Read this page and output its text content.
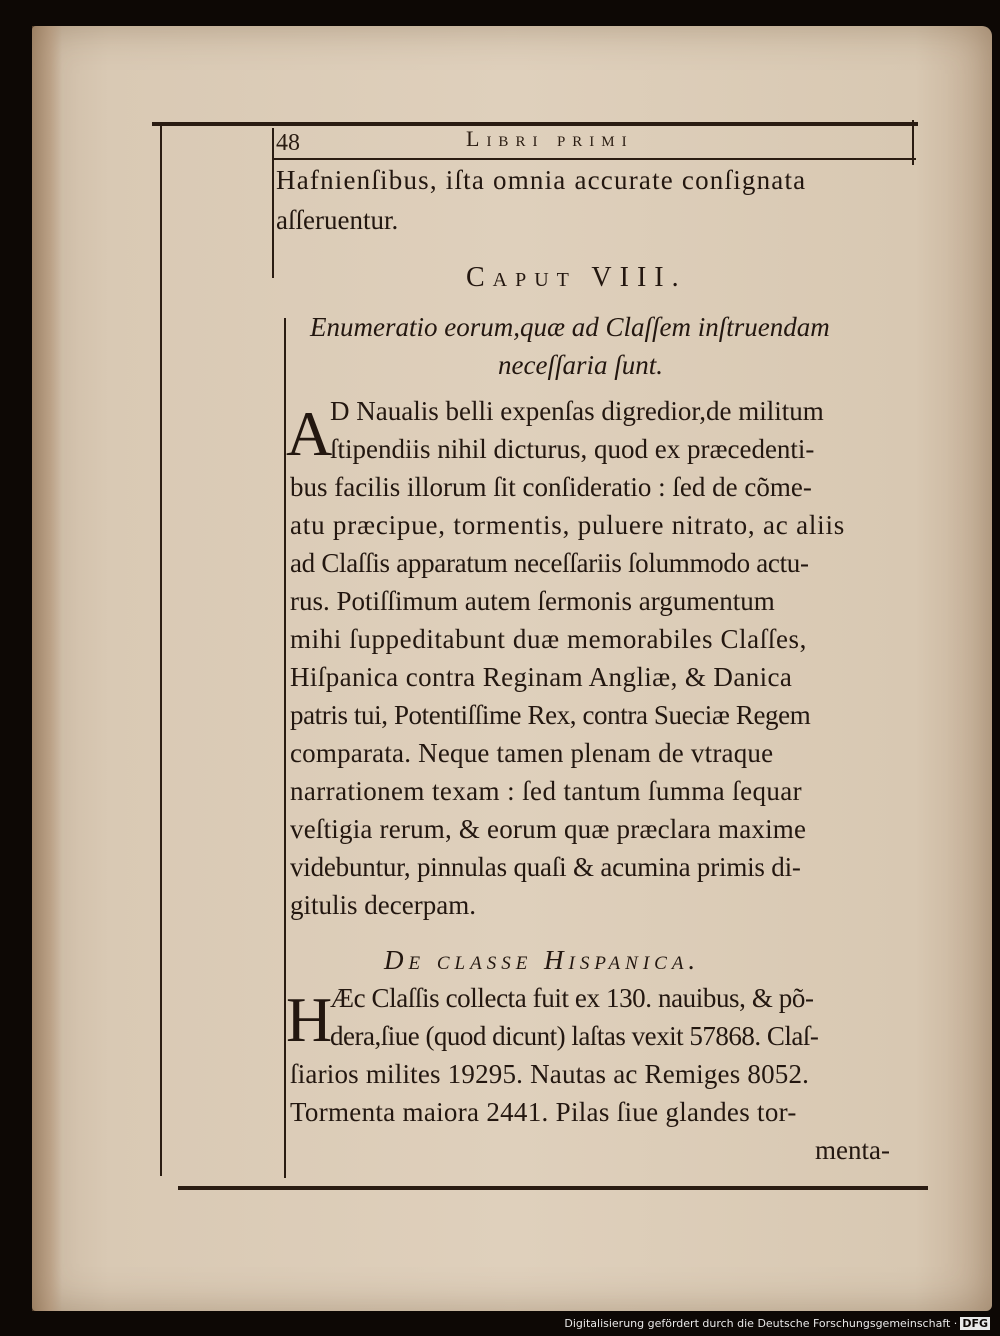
48	Libri primi
Hafnienſibus, iſta omnia accurate conſignata
aſſeruentur.
Caput VIII.
Enumeratio eorum,quæ ad Claſſem inſtruendam
neceſſaria ſunt.
A
D Naualis belli expenſas digredior,de militum
ſtipendiis nihil dicturus, quod ex præcedenti-
bus facilis illorum ſit conſideratio : ſed de cõme-
atu præcipue, tormentis, puluere nitrato, ac aliis
ad Claſſis apparatum neceſſariis ſolummodo actu-
rus. Potiſſimum autem ſermonis argumentum
mihi ſuppeditabunt duæ memorabiles Claſſes,
Hiſpanica contra Reginam Angliæ, & Danica
patris tui, Potentiſſime Rex, contra Sueciæ Regem
comparata. Neque tamen plenam de vtraque
narrationem texam : ſed tantum ſumma ſequar
veſtigia rerum, & eorum quæ præclara maxime
videbuntur, pinnulas quaſi & acumina primis di-
gitulis decerpam.
De classe Hispanica.
H
Æc Claſſis collecta fuit ex 130. nauibus, & põ-
dera,ſiue (quod dicunt) laſtas vexit 57868. Claſ-
ſiarios milites 19295. Nautas ac Remiges 8052.
Tormenta maiora 2441. Pilas ſiue glandes tor-
menta-
Digitalisierung gefördert durch die Deutsche Forschungsgemeinschaft · DFG
